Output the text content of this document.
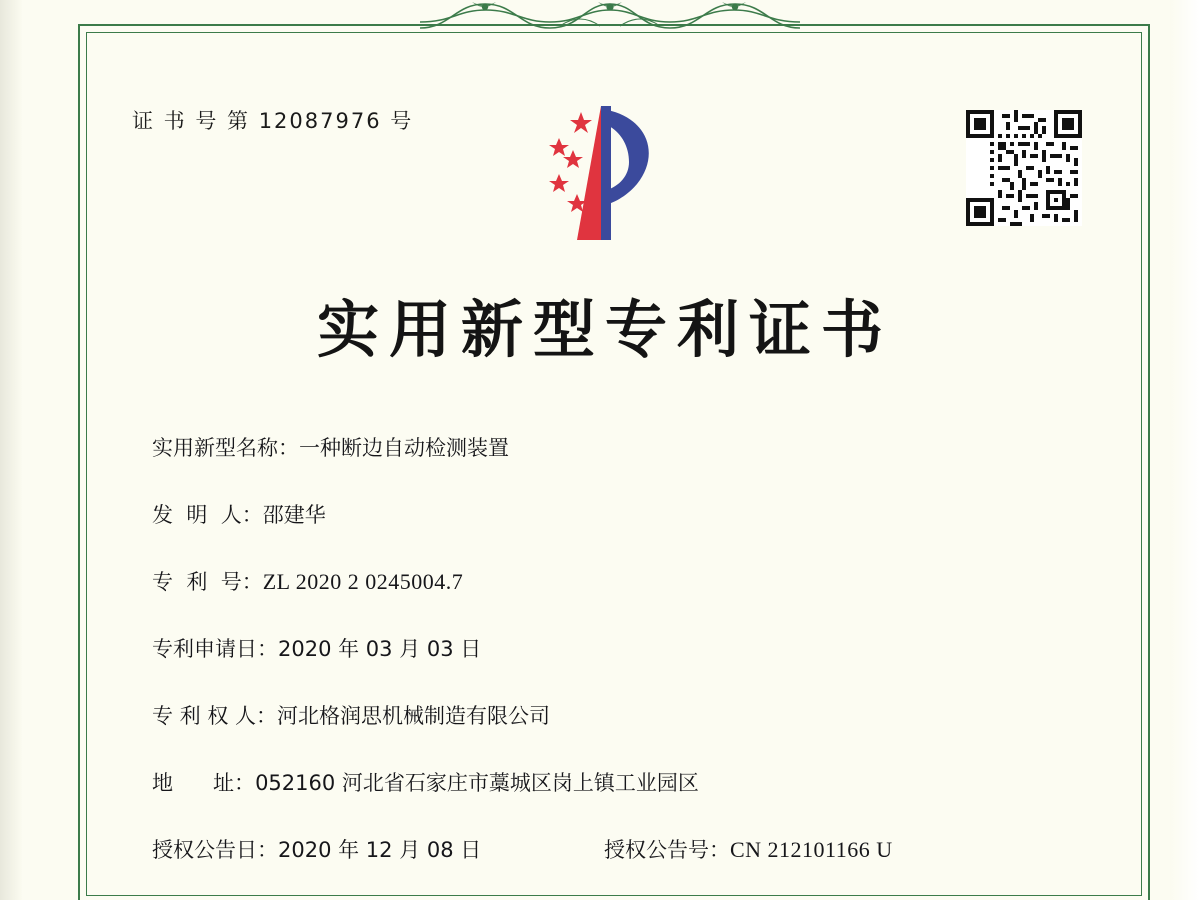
证 书 号 第 12087976 号
实用新型专利证书
实用新型名称： 一种断边自动检测装置
发  明  人： 邵建华
专  利  号： ZL 2020 2 0245004.7
专利申请日： 2020 年 03 月 03 日
专 利 权 人： 河北格润思机械制造有限公司
地      址： 052160 河北省石家庄市藁城区岗上镇工业园区
授权公告日： 2020 年 12 月 08 日	授权公告号： CN 212101166 U
